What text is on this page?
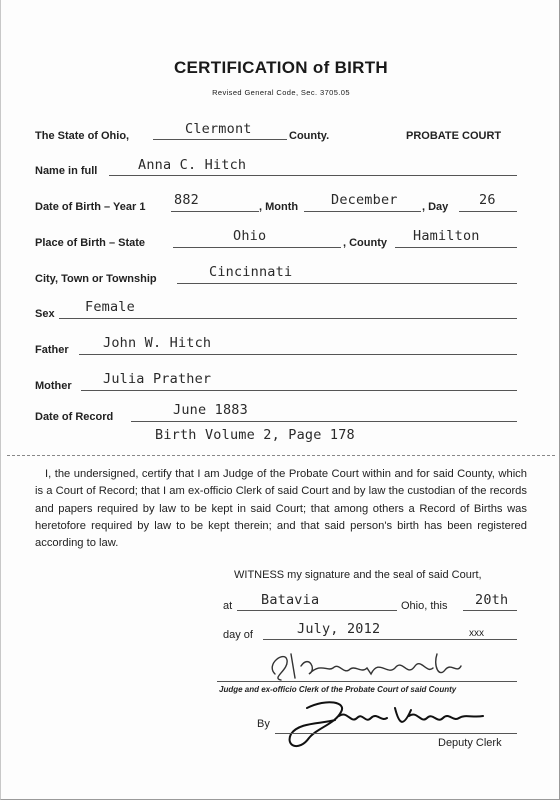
CERTIFICATION of BIRTH
Revised General Code, Sec. 3705.05
The State of Ohio,	Clermont	County.	PROBATE COURT
Name in full	Anna C. Hitch
Date of Birth – Year 1 882	, Month December , Day 26
Place of Birth – State	Ohio	, County Hamilton
City, Town or Township	Cincinnati
Sex Female
Father	John W. Hitch
Mother Julia Prather
Date of Record	June 1883
Birth Volume 2, Page 178
I, the undersigned, certify that I am Judge of the Probate Court within and for said County, which is a Court of Record; that I am ex-officio Clerk of said Court and by law the custodian of the records and papers required by law to be kept in said Court; that among others a Record of Births was heretofore required by law to be kept therein; and that said person's birth has been registered according to law.
WITNESS my signature and the seal of said Court,
at Batavia	Ohio, this 20th
day of	July, 2012	xxx
Judge and ex-officio Clerk of the Probate Court of said County
By
Deputy Clerk
